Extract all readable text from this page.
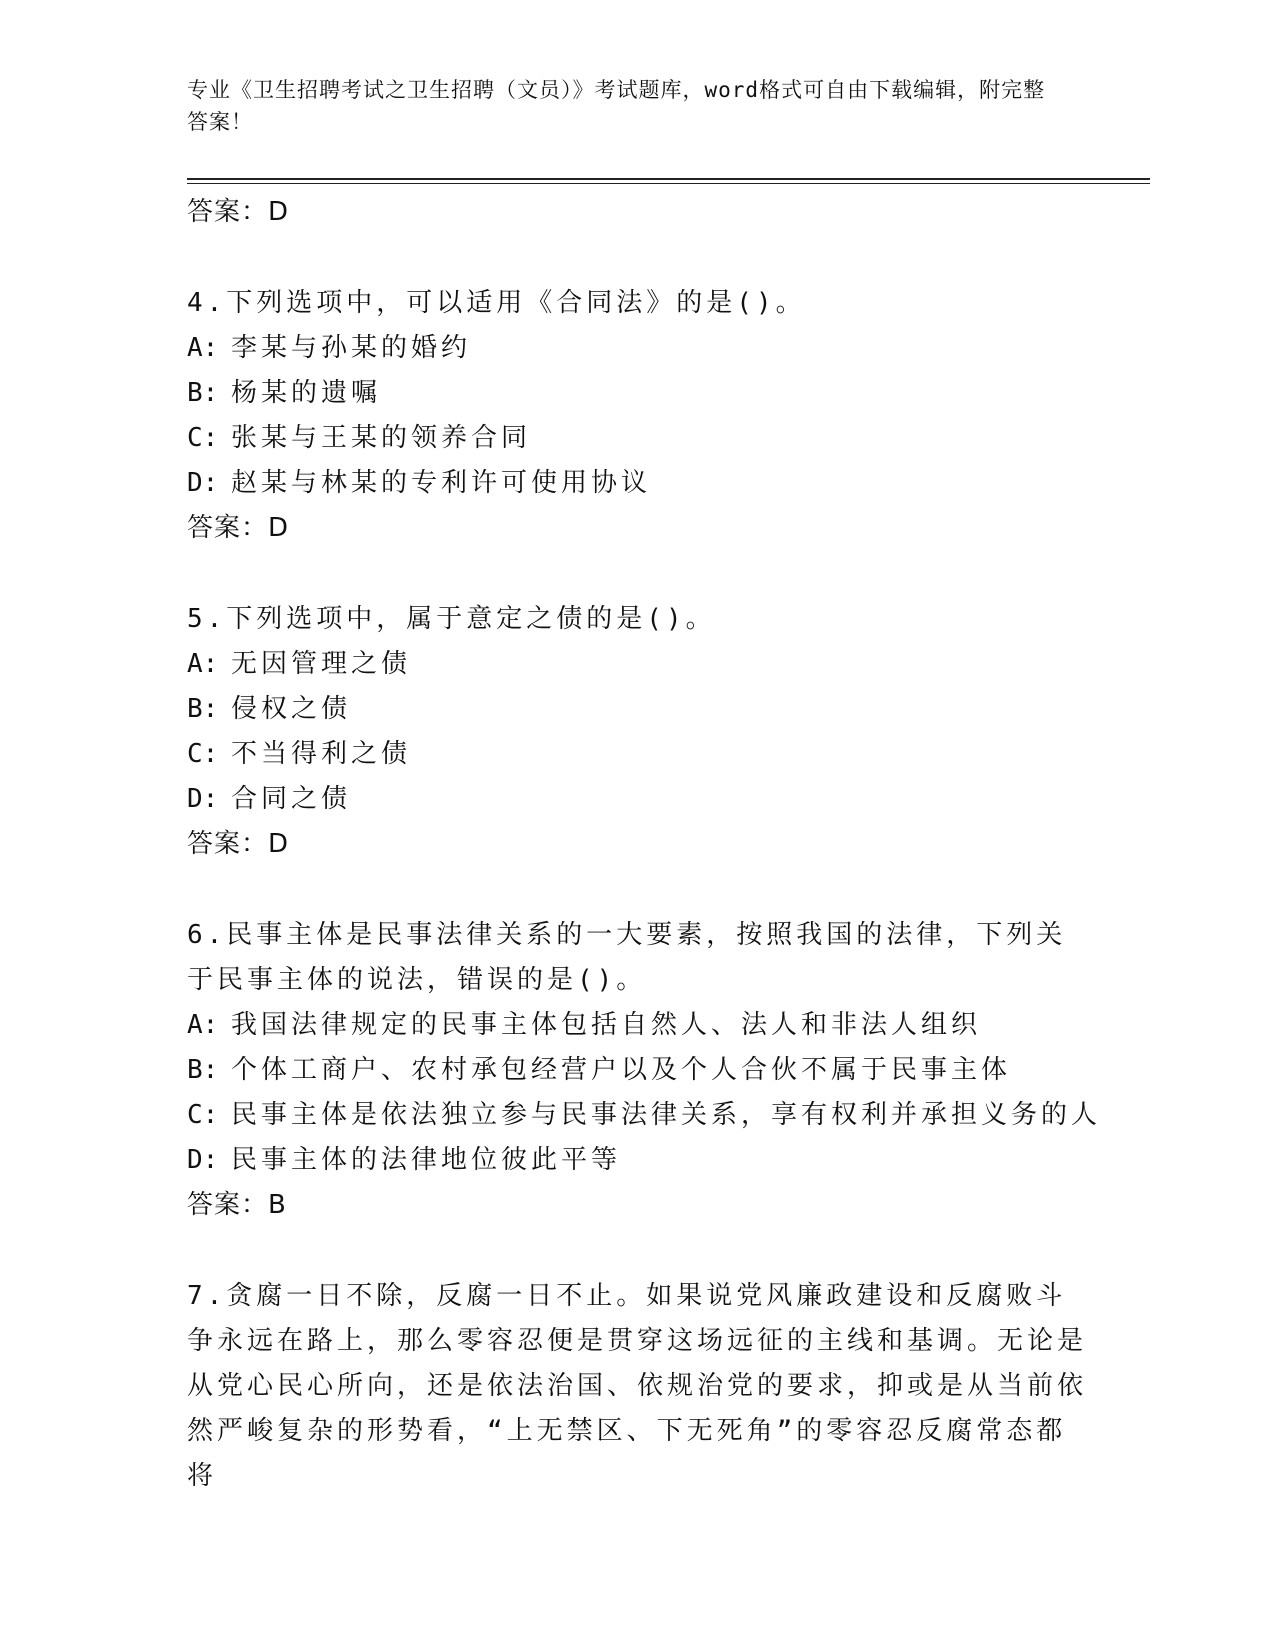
专业《卫生招聘考试之卫生招聘（文员）》考试题库，word格式可自由下载编辑，附完整答案！
答案：D
4.下列选项中，可以适用《合同法》的是()。
A: 李某与孙某的婚约
B: 杨某的遗嘱
C: 张某与王某的领养合同
D: 赵某与林某的专利许可使用协议
答案：D
5.下列选项中，属于意定之债的是()。
A: 无因管理之债
B: 侵权之债
C: 不当得利之债
D: 合同之债
答案：D
6.民事主体是民事法律关系的一大要素，按照我国的法律，下列关于民事主体的说法，错误的是()。
A: 我国法律规定的民事主体包括自然人、法人和非法人组织
B: 个体工商户、农村承包经营户以及个人合伙不属于民事主体
C: 民事主体是依法独立参与民事法律关系，享有权利并承担义务的人
D: 民事主体的法律地位彼此平等
答案：B
7.贪腐一日不除，反腐一日不止。如果说党风廉政建设和反腐败斗争永远在路上，那么零容忍便是贯穿这场远征的主线和基调。无论是从党心民心所向，还是依法治国、依规治党的要求，抑或是从当前依然严峻复杂的形势看，“上无禁区、下无死角”的零容忍反腐常态都将
